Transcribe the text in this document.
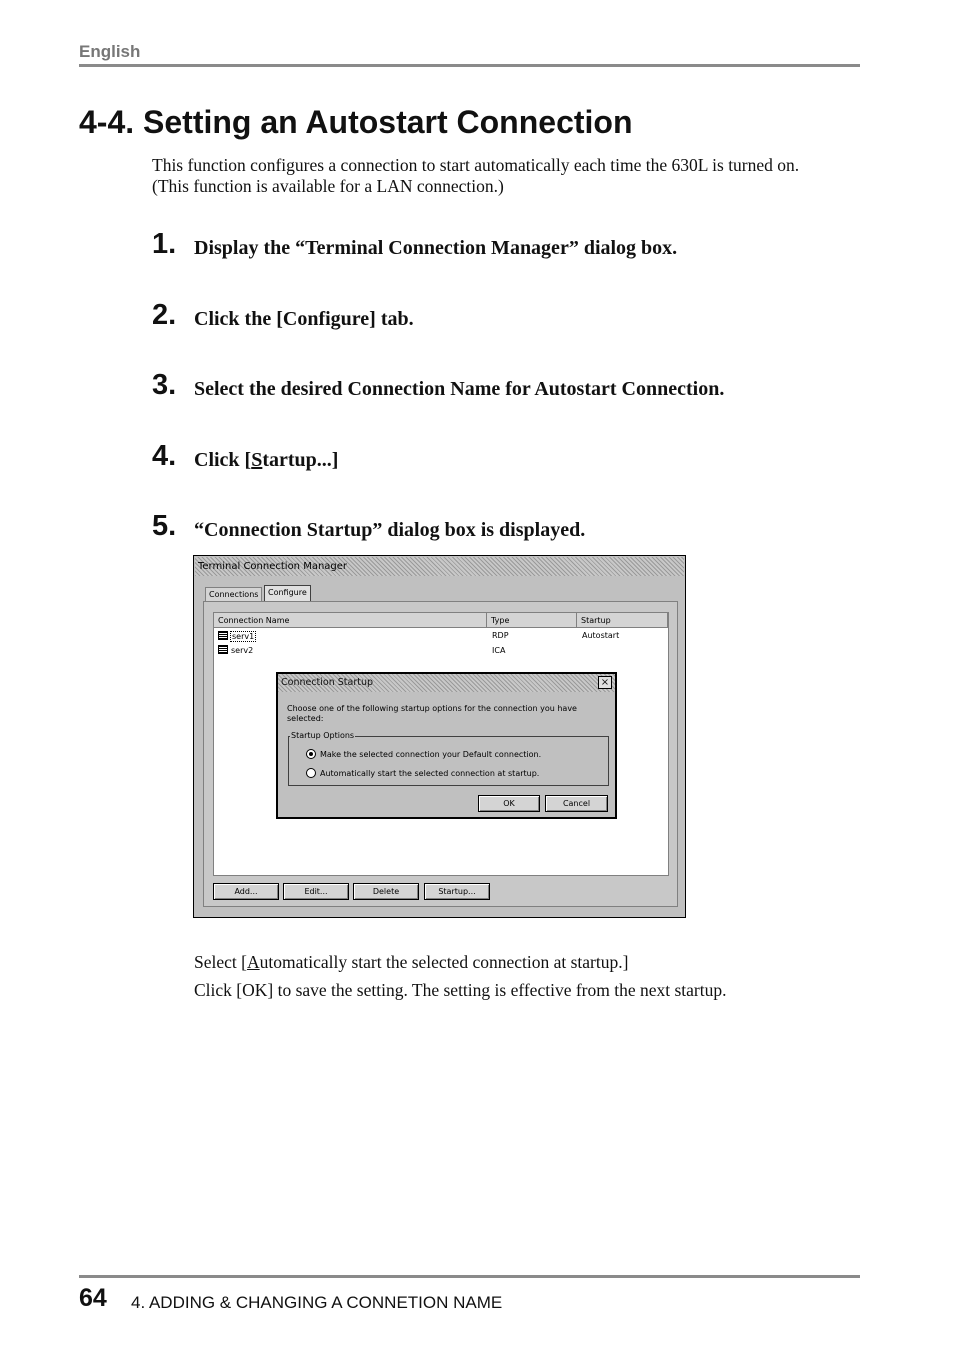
English
4-4. Setting an Autostart Connection
This function configures a connection to start automatically each time the 630L is turned on. (This function is available for a LAN connection.)
1. Display the “Terminal Connection Manager” dialog box.
2. Click the [Configure] tab.
3. Select the desired Connection Name for Autostart Connection.
4. Click [Startup...]
5. “Connection Startup” dialog box is displayed.
Terminal Connection Manager
Connections	Configure
Connection Name	Type	Startup
serv1	RDP	Autostart
serv2	ICA
Connection Startup	×
Choose one of the following startup options for the connection you have selected:
Startup Options
Make the selected connection your Default connection.
Automatically start the selected connection at startup.
OK	Cancel
Add...	Edit...	Delete	Startup...
Select [Automatically start the selected connection at startup.]
Click [OK] to save the setting. The setting is effective from the next startup.
64 4. ADDING & CHANGING A CONNETION NAME
